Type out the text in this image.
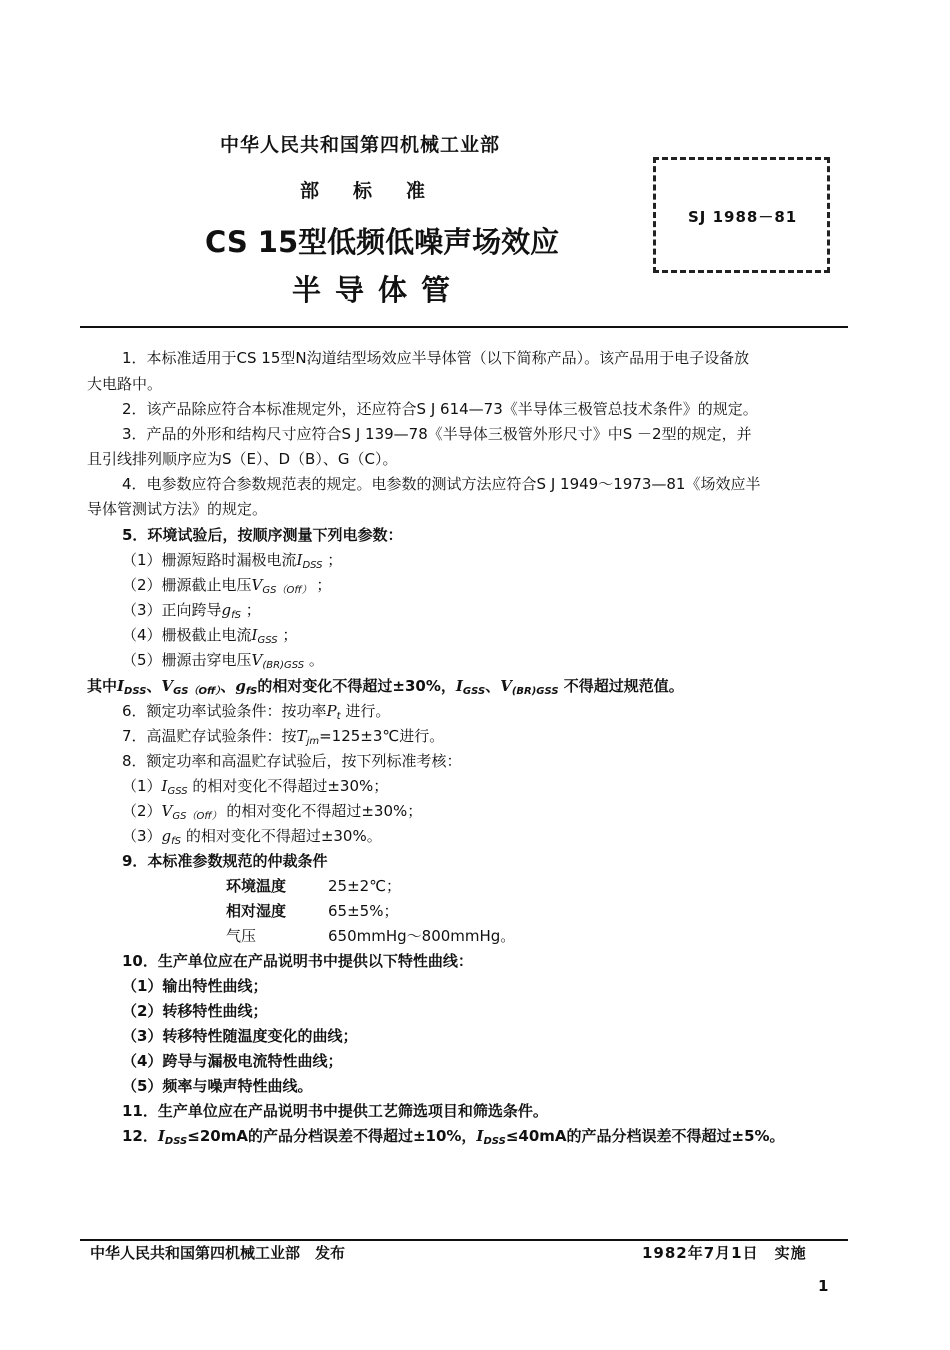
中华人民共和国第四机械工业部
部标准
CS 15型低频低噪声场效应
半导体管
SJ 1988－81
1．本标准适用于CS 15型N沟道结型场效应半导体管（以下简称产品）。该产品用于电子设备放
大电路中。
2．该产品除应符合本标准规定外，还应符合S J 614—73《半导体三极管总技术条件》的规定。
3．产品的外形和结构尺寸应符合S J 139—78《半导体三极管外形尺寸》中S －2型的规定，并
且引线排列顺序应为S（E）、D（B）、G（C）。
4．电参数应符合参数规范表的规定。电参数的测试方法应符合S J 1949～1973—81《场效应半
导体管测试方法》的规定。
5．环境试验后，按顺序测量下列电参数：
（1）栅源短路时漏极电流$I_{DSS}$ ；
（2）栅源截止电压$V_{GS(Off)}$ ；
（3）正向跨导$g_{fS}$ ；
（4）栅极截止电流$I_{GSS}$ ；
（5）栅源击穿电压$V_{(BR)GSS}$ 。
其中$I_{DSS}$、$V_{GS(Off)}$、$g_{fS}$的相对变化不得超过±30%，$I_{GSS}$、$V_{(BR)GSS}$ 不得超过规范值。
6．额定功率试验条件：按功率$P_t$ 进行。
7．高温贮存试验条件：按$T_{jm}=125\pm 3℃$进行。
8．额定功率和高温贮存试验后，按下列标准考核：
$(1)I_{GSS}$ 的相对变化不得超过±30%；
$(2)V_{GS(Off)}$ 的相对变化不得超过±30%；
$(3)g_{fS}$ 的相对变化不得超过±30%。
9．本标准参数规范的仲裁条件
环境温度	25±2℃；
相对湿度	65±5%；
气压	650mmHg～800mmHg。
10．生产单位应在产品说明书中提供以下特性曲线：
（1）输出特性曲线；
（2）转移特性曲线；
（3）转移特性随温度变化的曲线；
（4）跨导与漏极电流特性曲线；
（5）频率与噪声特性曲线。
11．生产单位应在产品说明书中提供工艺筛选项目和筛选条件。
12．$I_{DSS}\le 20mA$的产品分档误差不得超过±10%，$I_{DSS}\le 40mA$的产品分档误差不得超过±5%。
中华人民共和国第四机械工业部　发布	1982年7月1日　实施
1
